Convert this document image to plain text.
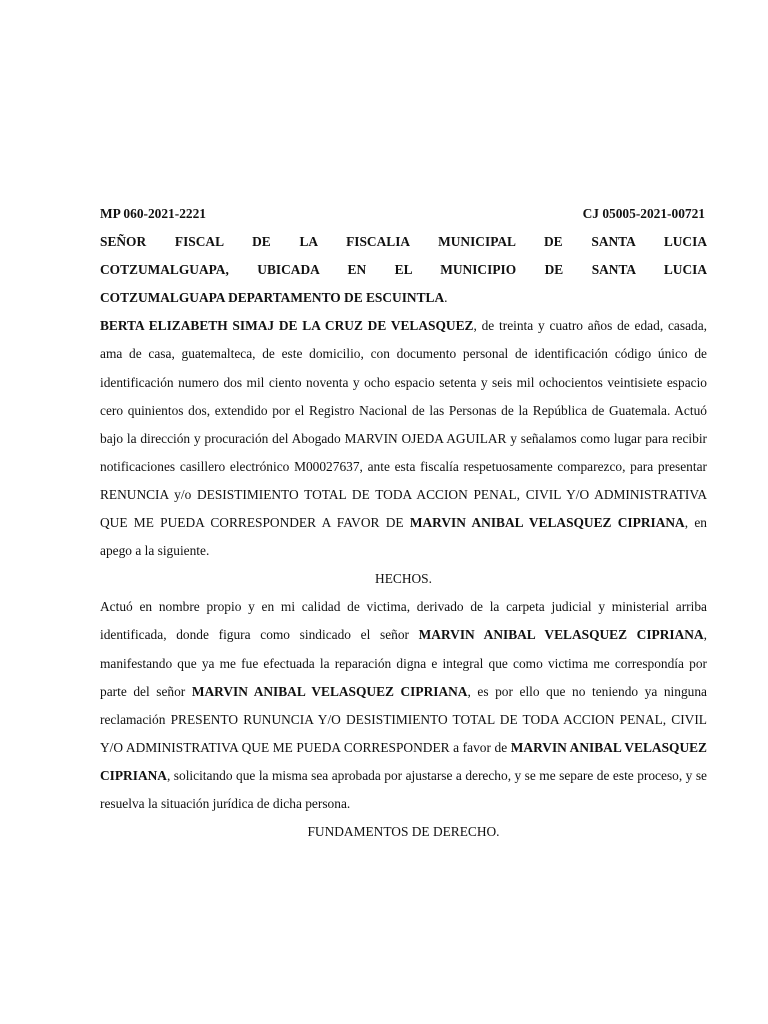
MP 060-2021-2221	CJ 05005-2021-00721

SEÑOR FISCAL DE LA FISCALIA MUNICIPAL DE SANTA LUCIA

COTZUMALGUAPA, UBICADA EN EL MUNICIPIO DE SANTA LUCIA

COTZUMALGUAPA DEPARTAMENTO DE ESCUINTLA.

BERTA ELIZABETH SIMAJ DE LA CRUZ DE VELASQUEZ, de treinta y cuatro años de edad, casada, ama de casa, guatemalteca, de este domicilio, con documento personal de identificación código único de identificación numero dos mil ciento noventa y ocho espacio setenta y seis mil ochocientos veintisiete espacio cero quinientos dos, extendido por el Registro Nacional de las Personas de la República de Guatemala. Actuó bajo la dirección y procuración del Abogado MARVIN OJEDA AGUILAR y señalamos como lugar para recibir notificaciones casillero electrónico M00027637, ante esta fiscalía respetuosamente comparezco, para presentar RENUNCIA y/o DESISTIMIENTO TOTAL DE TODA ACCION PENAL, CIVIL Y/O ADMINISTRATIVA QUE ME PUEDA CORRESPONDER A FAVOR DE MARVIN ANIBAL VELASQUEZ CIPRIANA, en apego a la siguiente.

HECHOS.

Actuó en nombre propio y en mi calidad de victima, derivado de la carpeta judicial y ministerial arriba identificada, donde figura como sindicado el señor MARVIN ANIBAL VELASQUEZ CIPRIANA, manifestando que ya me fue efectuada la reparación digna e integral que como victima me correspondía por parte del señor MARVIN ANIBAL VELASQUEZ CIPRIANA, es por ello que no teniendo ya ninguna reclamación PRESENTO RUNUNCIA Y/O DESISTIMIENTO TOTAL DE TODA ACCION PENAL, CIVIL Y/O ADMINISTRATIVA QUE ME PUEDA CORRESPONDER a favor de MARVIN ANIBAL VELASQUEZ CIPRIANA, solicitando que la misma sea aprobada por ajustarse a derecho, y se me separe de este proceso, y se resuelva la situación jurídica de dicha persona.

FUNDAMENTOS DE DERECHO.
